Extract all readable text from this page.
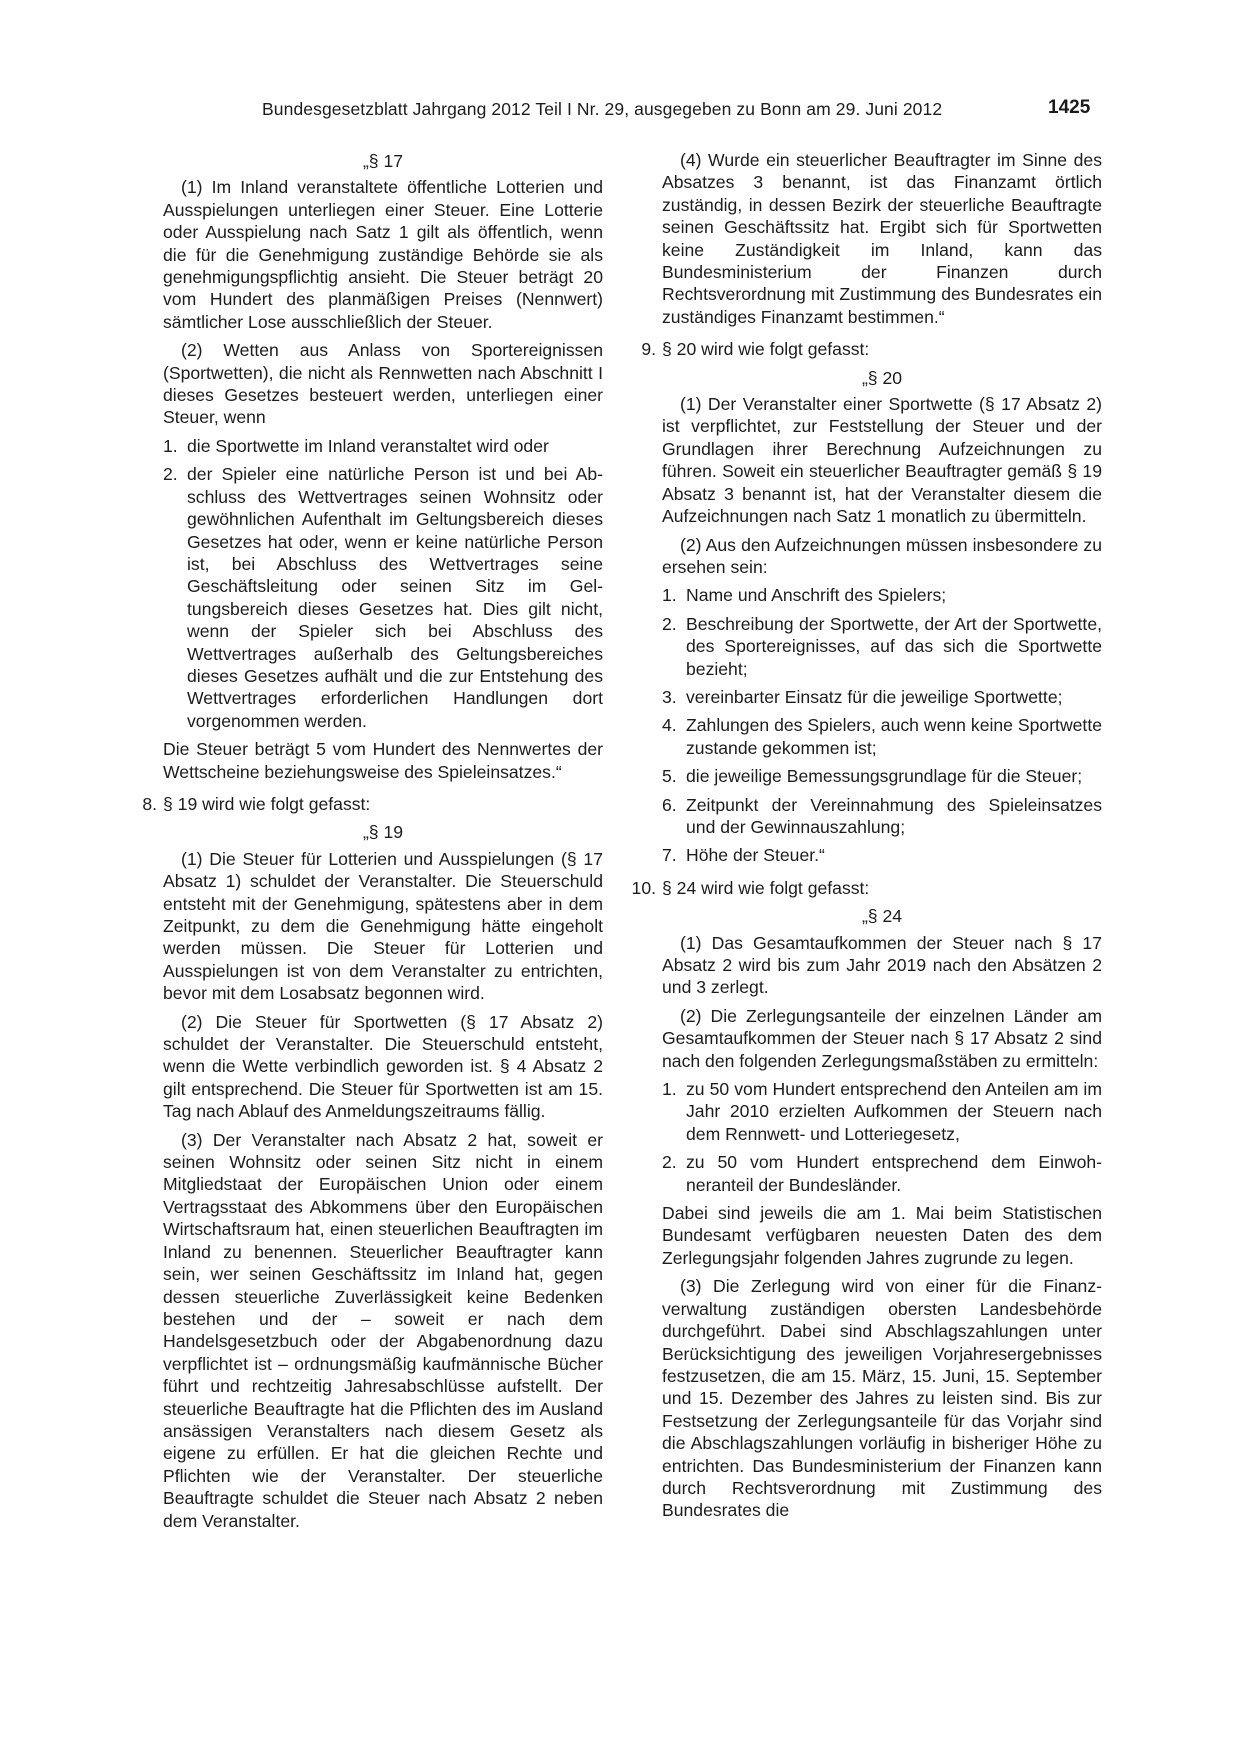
Bundesgesetzblatt Jahrgang 2012 Teil I Nr. 29, ausgegeben zu Bonn am 29. Juni 2012	1425
„§ 17

(1) Im Inland veranstaltete öffentliche Lotterien und Ausspielungen unterliegen einer Steuer. Eine Lotterie oder Ausspielung nach Satz 1 gilt als öffentlich, wenn die für die Genehmigung zuständige Behörde sie als genehmigungspflichtig ansieht. Die Steuer beträgt 20 vom Hundert des planmäßigen Preises (Nennwert) sämtlicher Lose ausschließlich der Steuer.

(2) Wetten aus Anlass von Sportereignissen (Sportwetten), die nicht als Rennwetten nach Abschnitt I dieses Gesetzes besteuert werden, unterliegen einer Steuer, wenn

1. die Sportwette im Inland veranstaltet wird oder
2. der Spieler eine natürliche Person ist und bei Abschluss des Wettvertrages seinen Wohnsitz oder gewöhnlichen Aufenthalt im Geltungsbereich dieses Gesetzes hat oder, wenn er keine natürliche Person ist, bei Abschluss des Wettvertrages seine Geschäftsleitung oder seinen Sitz im Geltungsbereich dieses Gesetzes hat. Dies gilt nicht, wenn der Spieler sich bei Abschluss des Wettvertrages außerhalb des Geltungsbereiches dieses Gesetzes aufhält und die zur Entstehung des Wettvertrages erforderlichen Handlungen dort vorgenommen werden.

Die Steuer beträgt 5 vom Hundert des Nennwertes der Wettscheine beziehungsweise des Spieleinsatzes.“

8. § 19 wird wie folgt gefasst:
„§ 19

(1) Die Steuer für Lotterien und Ausspielungen (§ 17 Absatz 1) schuldet der Veranstalter. Die Steuerschuld entsteht mit der Genehmigung, spätestens aber in dem Zeitpunkt, zu dem die Genehmigung hätte eingeholt werden müssen. Die Steuer für Lotterien und Ausspielungen ist von dem Veranstalter zu entrichten, bevor mit dem Losabsatz begonnen wird.

(2) Die Steuer für Sportwetten (§ 17 Absatz 2) schuldet der Veranstalter. Die Steuerschuld entsteht, wenn die Wette verbindlich geworden ist. § 4 Absatz 2 gilt entsprechend. Die Steuer für Sportwetten ist am 15. Tag nach Ablauf des Anmeldungszeitraums fällig.

(3) Der Veranstalter nach Absatz 2 hat, soweit er seinen Wohnsitz oder seinen Sitz nicht in einem Mitgliedstaat der Europäischen Union oder einem Vertragsstaat des Abkommens über den Europäischen Wirtschaftsraum hat, einen steuerlichen Beauftragten im Inland zu benennen. Steuerlicher Beauftragter kann sein, wer seinen Geschäftssitz im Inland hat, gegen dessen steuerliche Zuverlässigkeit keine Bedenken bestehen und der – soweit er nach dem Handelsgesetzbuch oder der Abgabenordnung dazu verpflichtet ist – ordnungsmäßig kaufmännische Bücher führt und rechtzeitig Jahresabschlüsse aufstellt. Der steuerliche Beauftragte hat die Pflichten des im Ausland ansässigen Veranstalters nach diesem Gesetz als eigene zu erfüllen. Er hat die gleichen Rechte und Pflichten wie der Veranstalter. Der steuerliche Beauftragte schuldet die Steuer nach Absatz 2 neben dem Veranstalter.

(4) Wurde ein steuerlicher Beauftragter im Sinne des Absatzes 3 benannt, ist das Finanzamt örtlich zuständig, in dessen Bezirk der steuerliche Beauftragte seinen Geschäftssitz hat. Ergibt sich für Sportwetten keine Zuständigkeit im Inland, kann das Bundesministerium der Finanzen durch Rechtsverordnung mit Zustimmung des Bundesrates ein zuständiges Finanzamt bestimmen.“

9. § 20 wird wie folgt gefasst:
„§ 20

(1) Der Veranstalter einer Sportwette (§ 17 Absatz 2) ist verpflichtet, zur Feststellung der Steuer und der Grundlagen ihrer Berechnung Aufzeichnungen zu führen. Soweit ein steuerlicher Beauftragter gemäß § 19 Absatz 3 benannt ist, hat der Veranstalter diesem die Aufzeichnungen nach Satz 1 monatlich zu übermitteln.

(2) Aus den Aufzeichnungen müssen insbesondere zu ersehen sein:

1. Name und Anschrift des Spielers;
2. Beschreibung der Sportwette, der Art der Sportwette, des Sportereignisses, auf das sich die Sportwette bezieht;
3. vereinbarter Einsatz für die jeweilige Sportwette;
4. Zahlungen des Spielers, auch wenn keine Sportwette zustande gekommen ist;
5. die jeweilige Bemessungsgrundlage für die Steuer;
6. Zeitpunkt der Vereinnahmung des Spieleinsatzes und der Gewinnauszahlung;
7. Höhe der Steuer.“
10. § 24 wird wie folgt gefasst:
„§ 24

(1) Das Gesamtaufkommen der Steuer nach § 17 Absatz 2 wird bis zum Jahr 2019 nach den Absätzen 2 und 3 zerlegt.

(2) Die Zerlegungsanteile der einzelnen Länder am Gesamtaufkommen der Steuer nach § 17 Absatz 2 sind nach den folgenden Zerlegungsmaßstäben zu ermitteln:

1. zu 50 vom Hundert entsprechend den Anteilen am im Jahr 2010 erzielten Aufkommen der Steuern nach dem Rennwett- und Lotteriegesetz,
2. zu 50 vom Hundert entsprechend dem Einwohneranteil der Bundesländer.

Dabei sind jeweils die am 1. Mai beim Statistischen Bundesamt verfügbaren neuesten Daten des dem Zerlegungsjahr folgenden Jahres zugrunde zu legen.

(3) Die Zerlegung wird von einer für die Finanzverwaltung zuständigen obersten Landesbehörde durchgeführt. Dabei sind Abschlagszahlungen unter Berücksichtigung des jeweiligen Vorjahresergebnisses festzusetzen, die am 15. März, 15. Juni, 15. September und 15. Dezember des Jahres zu leisten sind. Bis zur Festsetzung der Zerlegungsanteile für das Vorjahr sind die Abschlagszahlungen vorläufig in bisheriger Höhe zu entrichten. Das Bundesministerium der Finanzen kann durch Rechtsverordnung mit Zustimmung des Bundesrates die
